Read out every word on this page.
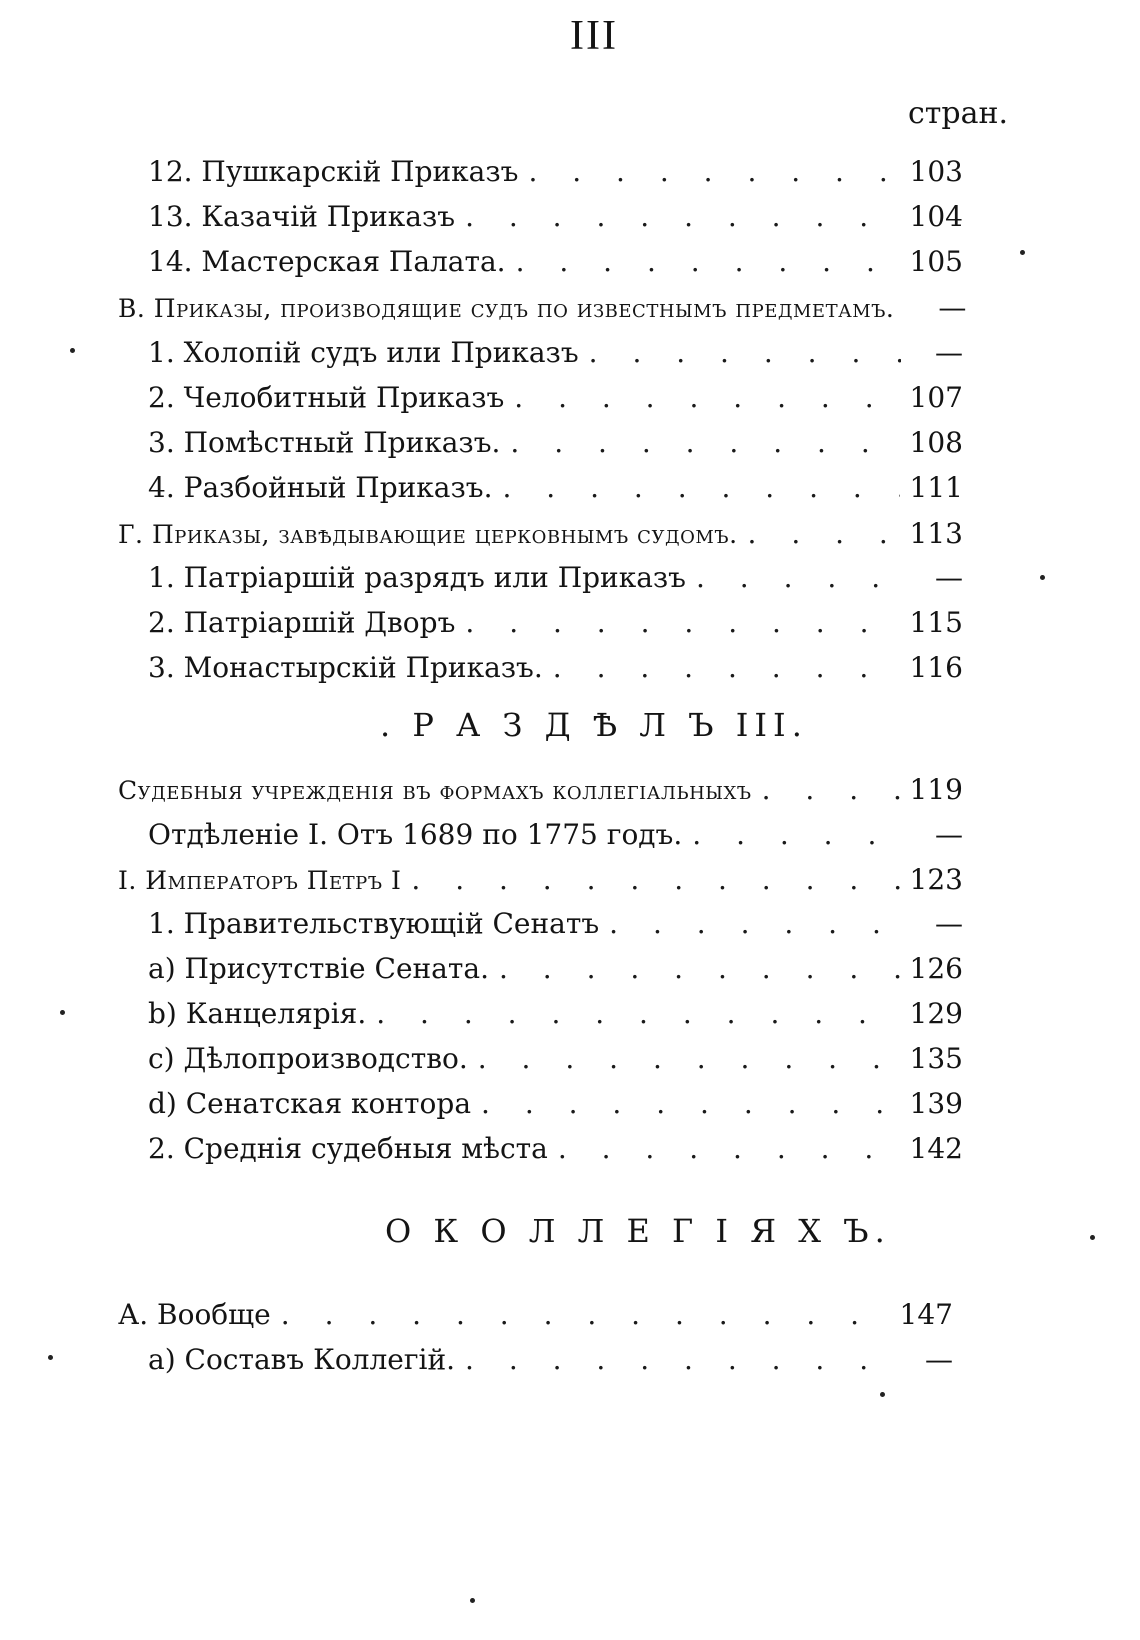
III
стран.
12. Пушкарскій Приказъ . . .	103
13. Казачій Приказъ . . .	104
14. Мастерская Палата. . . .	105
В. Приказы, производящие судъ по известнымъ предметамъ.	—
1. Холопій судъ или Приказъ . . .	—
2. Челобитный Приказъ . . .	107
3. Помѣстный Приказъ. . . .	108
4. Разбойный Приказъ. . . .	111
Г. Приказы, завѣдывающие церковнымъ судомъ. . . .	113
1. Патріаршій разрядъ или Приказъ . . .	—
2. Патріаршій Дворъ . . .	115
3. Монастырскій Приказъ. . . .	116
. Р А З Д Ѣ Л Ъ III.
Судебныя учрежденія въ формахъ коллегіальныхъ . . .	119
Отдѣленіе I. Отъ 1689 по 1775 годъ. . . .	—
I. Императоръ Петръ I . . .	123
1. Правительствующій Сенатъ . . .	—
a) Присутствіе Сената. . . .	126
b) Канцелярія. . . .	129
c) Дѣлопроизводство. . . .	135
d) Сенатская контора . . .	139
2. Среднія судебныя мѣста . . .	142
О К О Л Л Е Г І Я Х Ъ.
А. Вообще . . .	147
a) Составъ Коллегій. . . .	—
